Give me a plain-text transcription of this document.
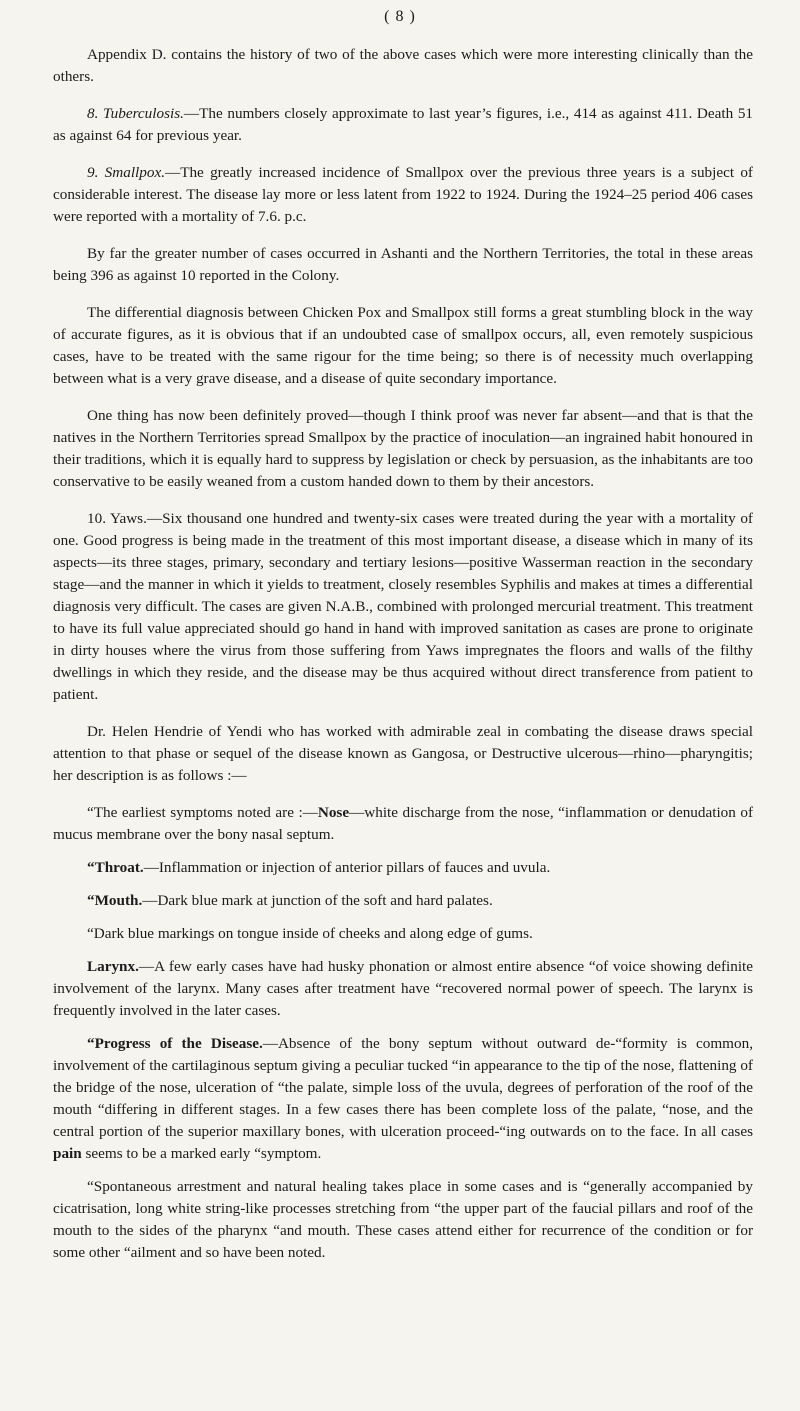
( 8 )

Appendix D. contains the history of two of the above cases which were more interesting clinically than the others.

8. Tuberculosis.—The numbers closely approximate to last year’s figures, i.e., 414 as against 411. Death 51 as against 64 for previous year.

9. Smallpox.—The greatly increased incidence of Smallpox over the previous three years is a subject of considerable interest. The disease lay more or less latent from 1922 to 1924. During the 1924–25 period 406 cases were reported with a mortality of 7.6. p.c.

By far the greater number of cases occurred in Ashanti and the Northern Territories, the total in these areas being 396 as against 10 reported in the Colony.

The differential diagnosis between Chicken Pox and Smallpox still forms a great stumbling block in the way of accurate figures, as it is obvious that if an undoubted case of smallpox occurs, all, even remotely suspicious cases, have to be treated with the same rigour for the time being; so there is of necessity much overlapping between what is a very grave disease, and a disease of quite secondary importance.

One thing has now been definitely proved—though I think proof was never far absent—and that is that the natives in the Northern Territories spread Smallpox by the practice of inoculation—an ingrained habit honoured in their traditions, which it is equally hard to suppress by legislation or check by persuasion, as the inhabitants are too conservative to be easily weaned from a custom handed down to them by their ancestors.

10. Yaws.—Six thousand one hundred and twenty-six cases were treated during the year with a mortality of one. Good progress is being made in the treatment of this most important disease, a disease which in many of its aspects—its three stages, primary, secondary and tertiary lesions—positive Wasserman reaction in the secondary stage—and the manner in which it yields to treatment, closely resembles Syphilis and makes at times a differential diagnosis very difficult. The cases are given N.A.B., combined with prolonged mercurial treatment. This treatment to have its full value appreciated should go hand in hand with improved sanitation as cases are prone to originate in dirty houses where the virus from those suffering from Yaws impregnates the floors and walls of the filthy dwellings in which they reside, and the disease may be thus acquired without direct transference from patient to patient.

Dr. Helen Hendrie of Yendi who has worked with admirable zeal in combating the disease draws special attention to that phase or sequel of the disease known as Gangosa, or Destructive ulcerous—rhino—pharyngitis; her description is as follows :—

“The earliest symptoms noted are :—Nose—white discharge from the nose, “inflammation or denudation of mucus membrane over the bony nasal septum.

“Throat.—Inflammation or injection of anterior pillars of fauces and uvula.

“Mouth.—Dark blue mark at junction of the soft and hard palates.

“Dark blue markings on tongue inside of cheeks and along edge of gums.

Larynx.—A few early cases have had husky phonation or almost entire absence “of voice showing definite involvement of the larynx. Many cases after treatment have “recovered normal power of speech. The larynx is frequently involved in the later cases.

“Progress of the Disease.—Absence of the bony septum without outward de-“formity is common, involvement of the cartilaginous septum giving a peculiar tucked “in appearance to the tip of the nose, flattening of the bridge of the nose, ulceration of “the palate, simple loss of the uvula, degrees of perforation of the roof of the mouth “differing in different stages. In a few cases there has been complete loss of the palate, “nose, and the central portion of the superior maxillary bones, with ulceration proceed-“ing outwards on to the face. In all cases pain seems to be a marked early “symptom.

“Spontaneous arrestment and natural healing takes place in some cases and is “generally accompanied by cicatrisation, long white string-like processes stretching from “the upper part of the faucial pillars and roof of the mouth to the sides of the pharynx “and mouth. These cases attend either for recurrence of the condition or for some other “ailment and so have been noted.
